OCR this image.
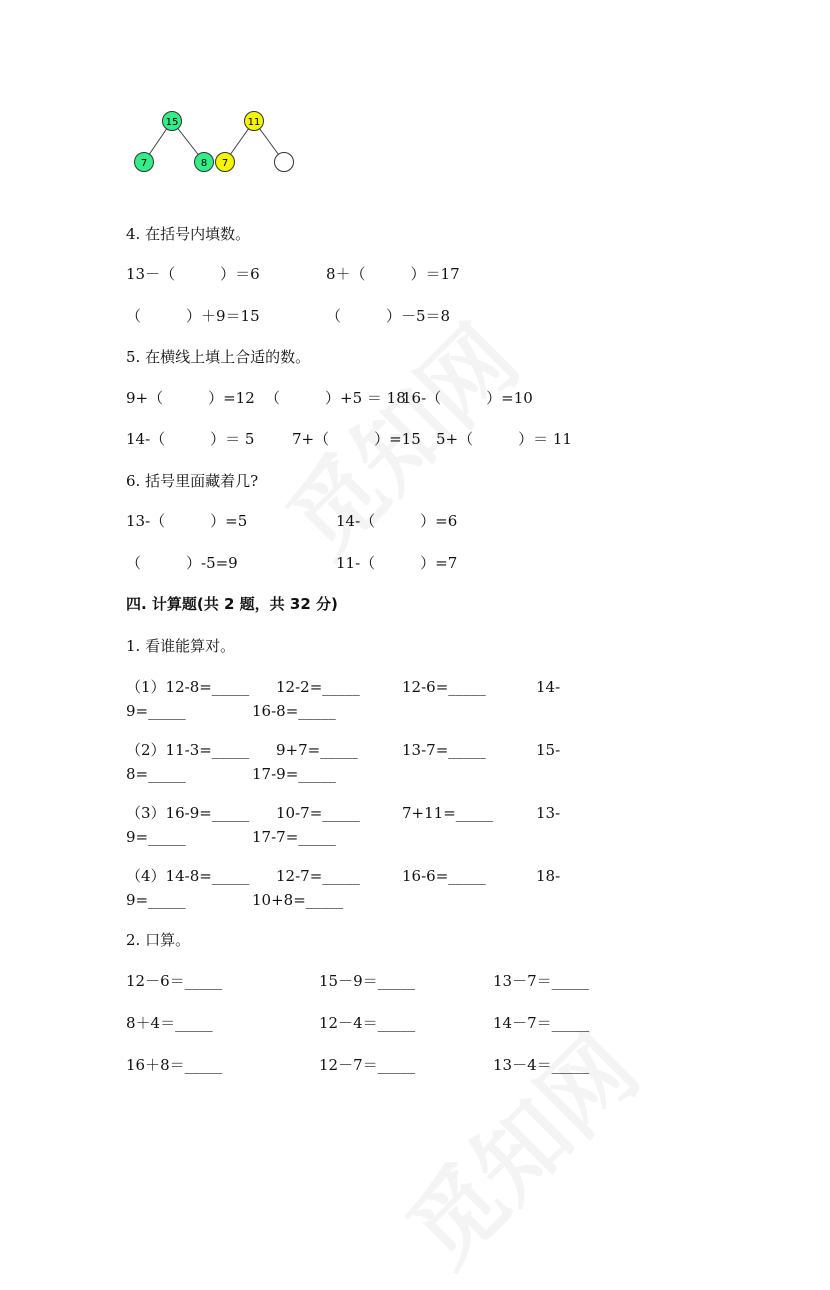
15
7	8
11
7
4. 在括号内填数。
13－（　　　）＝6	8＋（　　　）＝17
（　　　）＋9＝15	（　　　）－5＝8
5. 在横线上填上合适的数。
9+（　　　）=12 （　　　）+5 ＝ 18
16-（　　　）=10
14-（　　　）＝ 5	7+（　　　）=15 5+（　　　）＝ 11
6. 括号里面藏着几?
13-（　　　）=5	14-（　　　）=6
（　　　）-5=9	11-（　　　）=7
四. 计算题(共 2 题，共 32 分)
1. 看谁能算对。
（1）12-8=_____ 12-2=_____	12-6=_____	14-
9=_____	16-8=_____
（2）11-3=_____ 9+7=_____	13-7=_____	15-
8=_____	17-9=_____
（3）16-9=_____ 10-7=_____	7+11=_____	13-
9=_____	17-7=_____
（4）14-8=_____ 12-7=_____	16-6=_____	18-
9=_____	10+8=_____
2. 口算。
12－6＝_____	15－9＝_____	13－7＝_____
8＋4＝_____	12－4＝_____	14－7＝_____
16＋8＝_____	12－7＝_____	13－4＝_____
